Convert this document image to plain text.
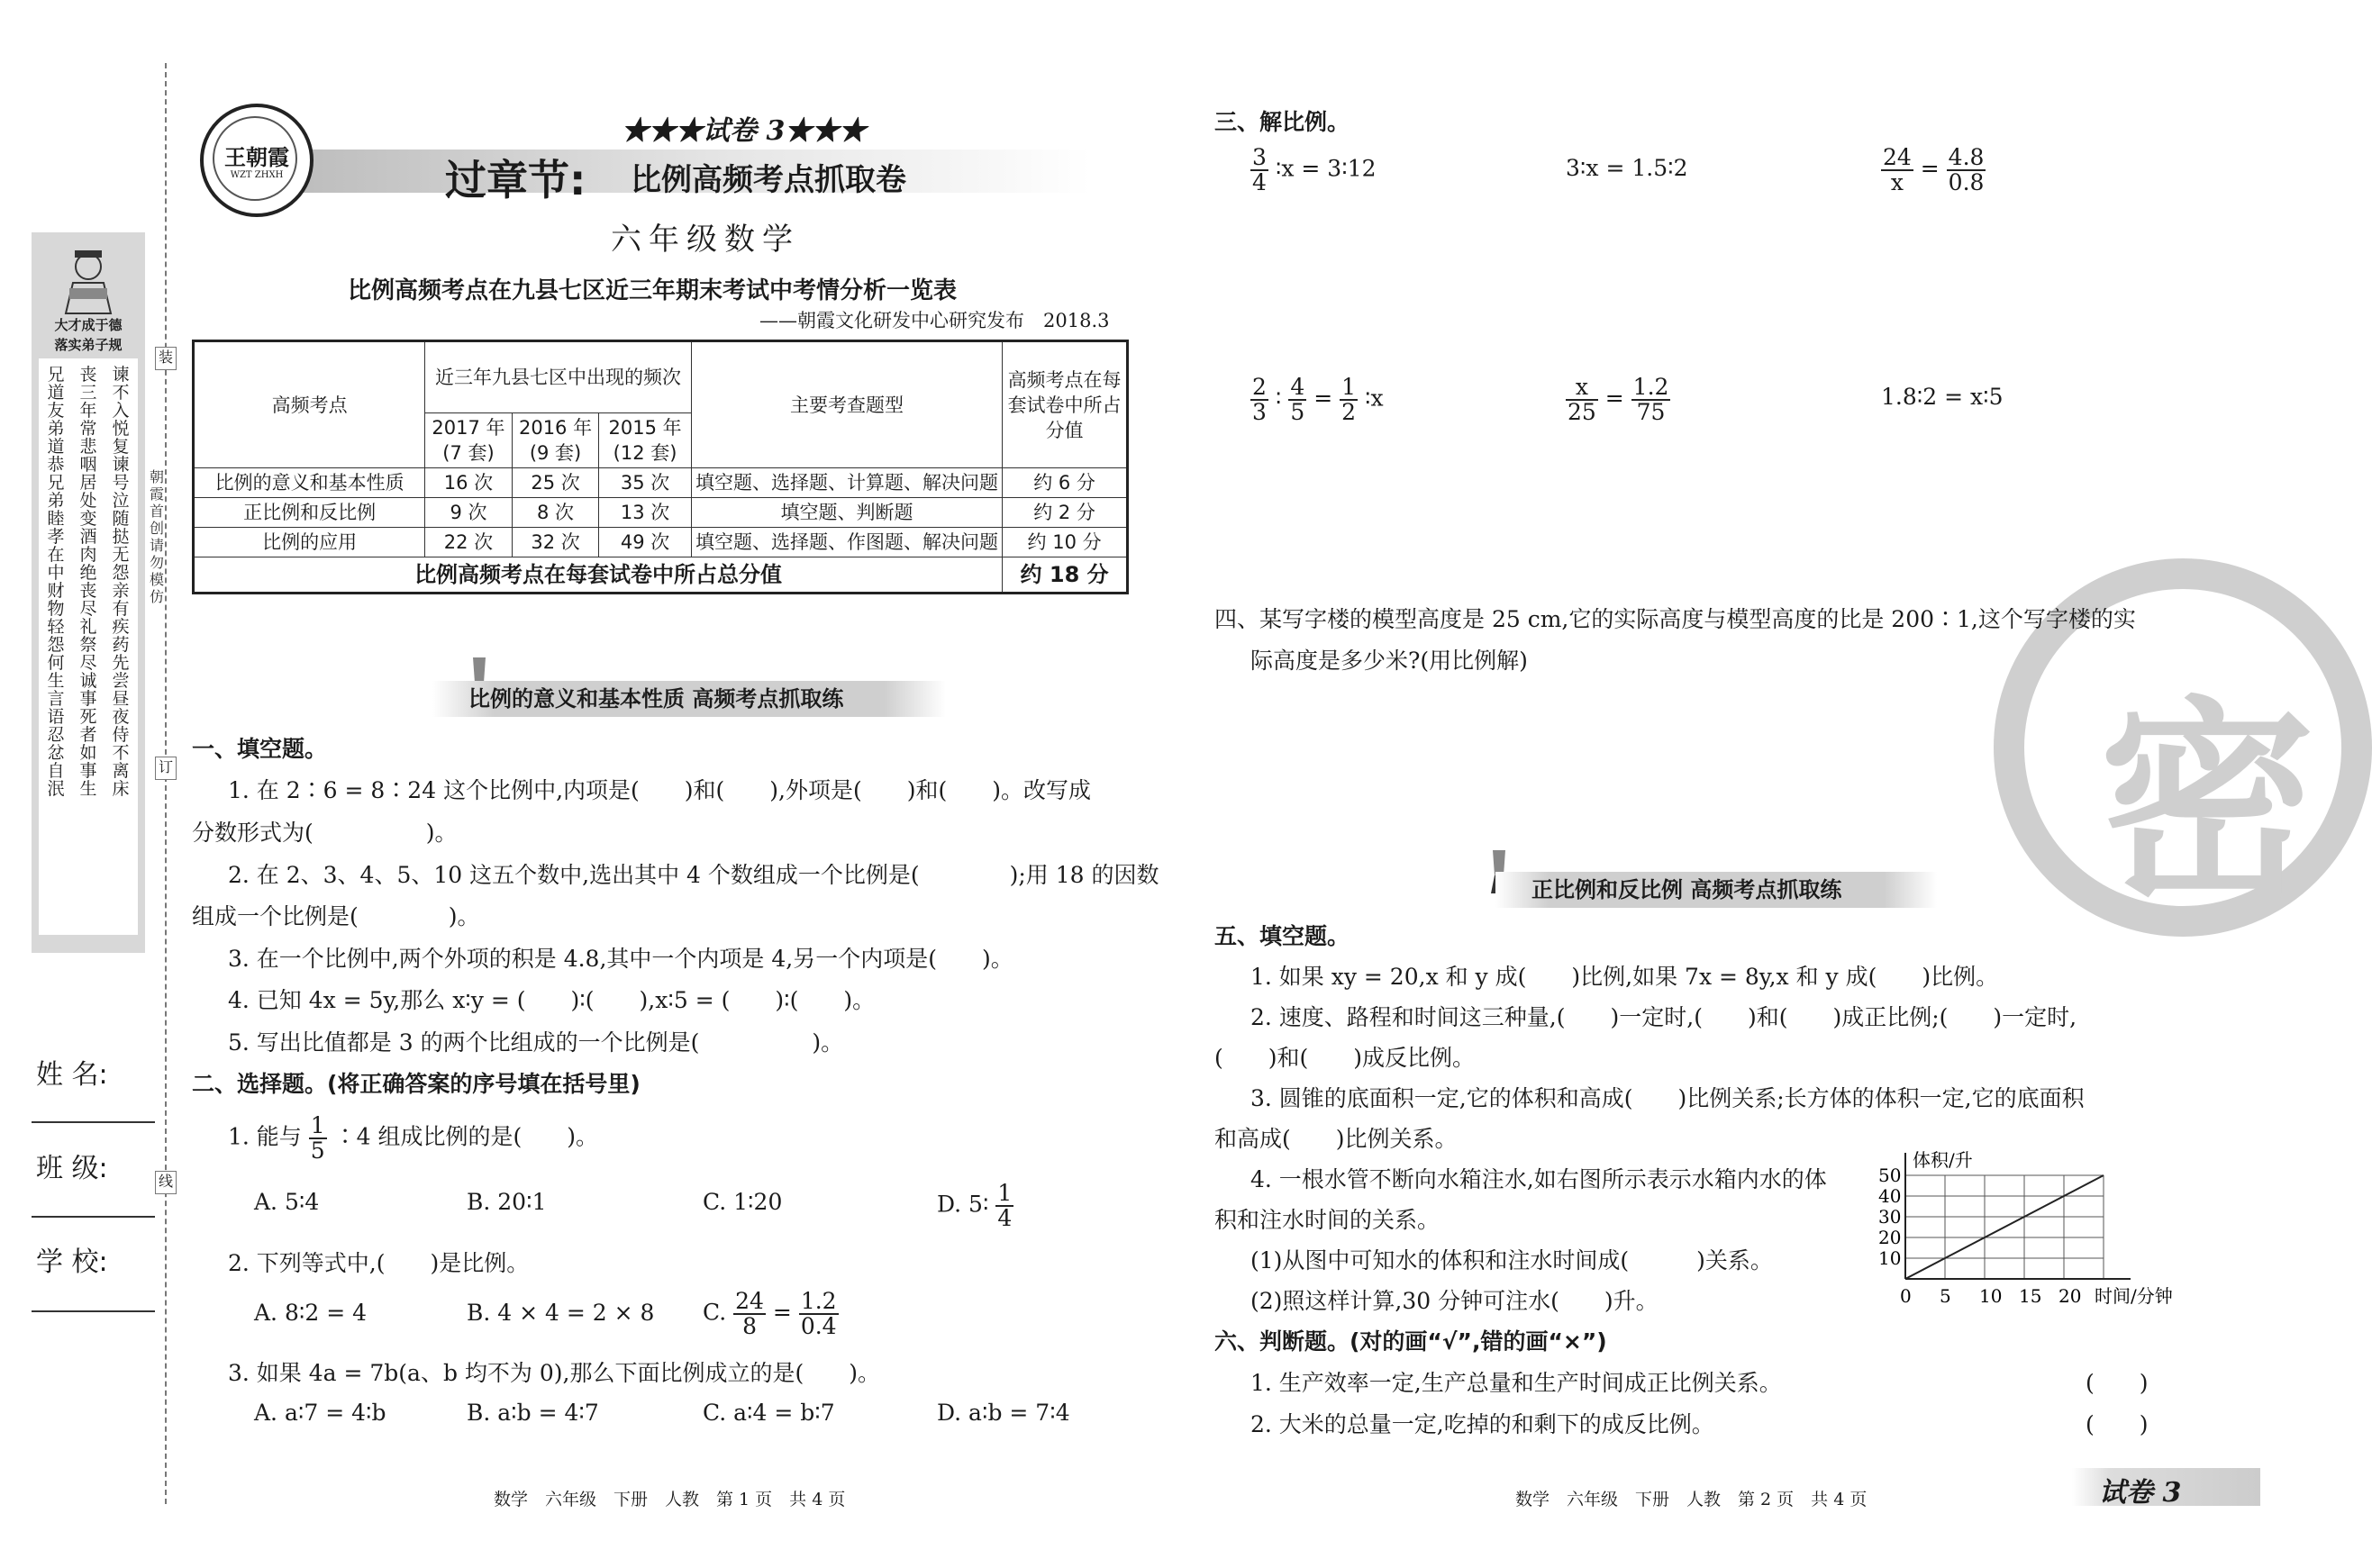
大才成于德
落实弟子规
谏不入悦复谏号泣随挞无怨亲有疾药先尝昼夜侍不离床
丧三年常悲咽居处变酒肉绝丧尽礼祭尽诚事死者如事生
兄道友弟道恭兄弟睦孝在中财物轻怨何生言语忍忿自泯
姓 名:
班 级:
学 校:
装
订
线
朝霞首创请勿模仿
王朝霞
WZT ZHXH
★★★试卷 3★★★
过章节: 比例高频考点抓取卷
六年级数学
比例高频考点在九县七区近三年期末考试中考情分析一览表
——朝霞文化研发中心研究发布　2018.3
高频考点	近三年九县七区中出现的频次			主要考查题型	高频考点在每套试卷中所占分值
	2017 年(7 套)	2016 年(9 套)	2015 年(12 套)		
比例的意义和基本性质	16 次	25 次	35 次	填空题、选择题、计算题、解决问题	约 6 分
正比例和反比例	9 次	8 次	13 次	填空题、判断题	约 2 分
比例的应用	22 次	32 次	49 次	填空题、选择题、作图题、解决问题	约 10 分
比例高频考点在每套试卷中所占总分值					约 18 分
比例的意义和基本性质 高频考点抓取练
一、填空题。
1. 在 2∶6 = 8∶24 这个比例中,内项是(　　)和(　　),外项是(　　)和(　　)。改写成
分数形式为(　　　　　)。
2. 在 2、3、4、5、10 这五个数中,选出其中 4 个数组成一个比例是(　　　　);用 18 的因数
组成一个比例是(　　　　)。
3. 在一个比例中,两个外项的积是 4.8,其中一个内项是 4,另一个内项是(　　)。
4. 已知 4x = 5y,那么 x∶y = (　　)∶(　　),x∶5 = (　　)∶(　　)。
5. 写出比值都是 3 的两个比组成的一个比例是(　　　　　)。
二、选择题。(将正确答案的序号填在括号里)
1. 能与 $\frac{1}{5}$ ∶4 组成比例的是(　　)。
A. 5∶4	B. 20∶1	C. 1∶20	D. 5∶ $\frac{1}{4}$
2. 下列等式中,(　　)是比例。
A. 8∶2 = 4	B. 4 × 4 = 2 × 8 C. $\frac{24}{8} = \frac{1.2}{0.4}$
3. 如果 4a = 7b(a、b 均不为 0),那么下面比例成立的是(　　)。
A. a∶7 = 4∶b	B. a∶b = 4∶7	C. a∶4 = b∶7	D. a∶b = 7∶4
数学　六年级　下册　人教　第 1 页　共 4 页
密
三、解比例。
$\frac{3}{4}$ ∶x = 3∶12	3∶x = 1.5∶2	$\frac{24}{x} = \frac{4.8}{0.8}$
$\frac{2}{3}$ ∶ $\frac{4}{5} = \frac{1}{2}$ ∶x	$\frac{x}{25} = \frac{1.2}{75}$	1.8∶2 = x∶5
四、某写字楼的模型高度是 25 cm,它的实际高度与模型高度的比是 200∶1,这个写字楼的实
际高度是多少米?(用比例解)
正比例和反比例 高频考点抓取练
五、填空题。
1. 如果 xy = 20,x 和 y 成(　　)比例,如果 7x = 8y,x 和 y 成(　　)比例。
2. 速度、路程和时间这三种量,(　　)一定时,(　　)和(　　)成正比例;(　　)一定时,
(　　)和(　　)成反比例。
3. 圆锥的底面积一定,它的体积和高成(　　)比例关系;长方体的体积一定,它的底面积
和高成(　　)比例关系。
4. 一根水管不断向水箱注水,如右图所示表示水箱内水的体
积和注水时间的关系。
(1)从图中可知水的体积和注水时间成(　　　)关系。
(2)照这样计算,30 分钟可注水(　　)升。	0 5 10 15 20
10
20
30
40
50
体积/升
时间/分钟
六、判断题。(对的画“√”,错的画“×”)
1. 生产效率一定,生产总量和生产时间成正比例关系。	(　　)
2. 大米的总量一定,吃掉的和剩下的成反比例。	(　　)
数学　六年级　下册　人教　第 2 页　共 4 页	试卷 3
